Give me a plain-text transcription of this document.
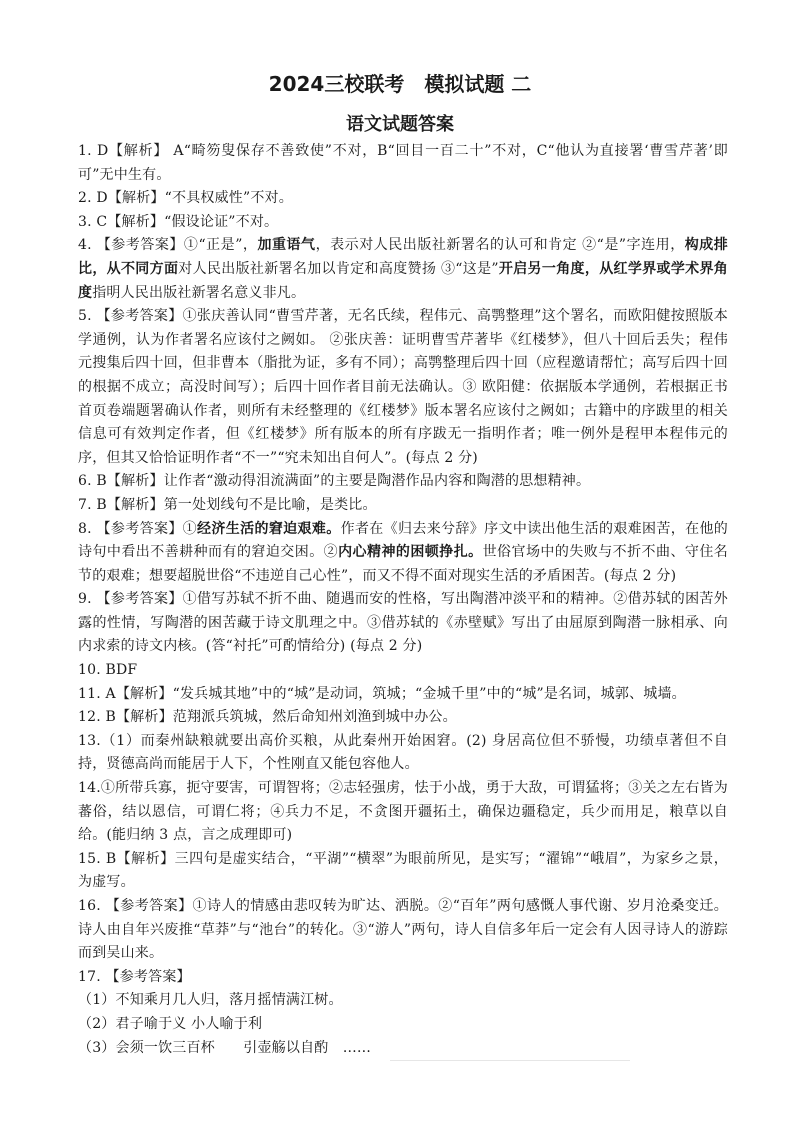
2024三校联考　模拟试题 二
语文试题答案

1. D【解析】 A“畸笏叟保存不善致使”不对，B“回目一百二十”不对，C“他认为直接署‘曹雪芹著’即可”无中生有。

2. D【解析】“不具权威性”不对。

3. C【解析】“假设论证”不对。

4. 【参考答案】①“正是”，加重语气，表示对人民出版社新署名的认可和肯定 ②“是”字连用，构成排比，从不同方面对人民出版社新署名加以肯定和高度赞扬 ③“这是”开启另一角度，从红学界或学术界角度指明人民出版社新署名意义非凡。

5. 【参考答案】①张庆善认同“曹雪芹著，无名氏续，程伟元、高鹗整理”这个署名，而欧阳健按照版本学通例，认为作者署名应该付之阙如。 ②张庆善：证明曹雪芹著毕《红楼梦》，但八十回后丢失；程伟元搜集后四十回，但非曹本（脂批为证，多有不同）；高鹗整理后四十回（应程邀请帮忙；高写后四十回的根据不成立；高没时间写）；后四十回作者目前无法确认。③ 欧阳健：依据版本学通例，若根据正书首页卷端题署确认作者，则所有未经整理的《红楼梦》版本署名应该付之阙如；古籍中的序跋里的相关信息可有效判定作者，但《红楼梦》所有版本的所有序跋无一指明作者；唯一例外是程甲本程伟元的序，但其又恰恰证明作者“不一”“究未知出自何人”。(每点 2 分)

6. B【解析】让作者“激动得泪流满面”的主要是陶潜作品内容和陶潜的思想精神。

7. B【解析】第一处划线句不是比喻，是类比。

8. 【参考答案】①经济生活的窘迫艰难。作者在《归去来兮辞》序文中读出他生活的艰难困苦，在他的诗句中看出不善耕种而有的窘迫交困。②内心精神的困顿挣扎。世俗官场中的失败与不折不曲、守住名节的艰难；想要超脱世俗“不违逆自己心性”，而又不得不面对现实生活的矛盾困苦。(每点 2 分)

9. 【参考答案】①借写苏轼不折不曲、随遇而安的性格，写出陶潜冲淡平和的精神。②借苏轼的困苦外露的性情，写陶潜的困苦藏于诗文肌理之中。③借苏轼的《赤壁赋》写出了由屈原到陶潜一脉相承、向内求索的诗文内核。(答“衬托”可酌情给分) (每点 2 分)

10. BDF

11. A【解析】“发兵城其地”中的“城”是动词，筑城；“金城千里”中的“城”是名词，城郭、城墙。

12. B【解析】范翔派兵筑城，然后命知州刘渔到城中办公。

13.（1）而秦州缺粮就要出高价买粮，从此秦州开始困窘。(2) 身居高位但不骄慢，功绩卓著但不自持，贤德高尚而能居于人下，个性刚直又能包容他人。

14.①所带兵寡，扼守要害，可谓智将；②志轻强虏，怯于小战，勇于大敌，可谓猛将；③关之左右皆为蕃俗，结以恩信，可谓仁将；④兵力不足，不贪图开疆拓土，确保边疆稳定，兵少而用足，粮草以自给。(能归纳 3 点，言之成理即可)

15. B【解析】三四句是虚实结合，“平湖”“横翠”为眼前所见，是实写；“濯锦”“峨眉”，为家乡之景，为虚写。

16. 【参考答案】①诗人的情感由悲叹转为旷达、洒脱。②“百年”两句感慨人事代谢、岁月沧桑变迁。诗人由自年兴废推“草莽”与“池台”的转化。③“游人”两句，诗人自信多年后一定会有人因寻诗人的游踪而到吴山来。

17. 【参考答案】

（1）不知乘月几人归，落月摇情满江树。

（2）君子喻于义 小人喻于利

（3）会须一饮三百杯　　引壶觞以自酌　……
